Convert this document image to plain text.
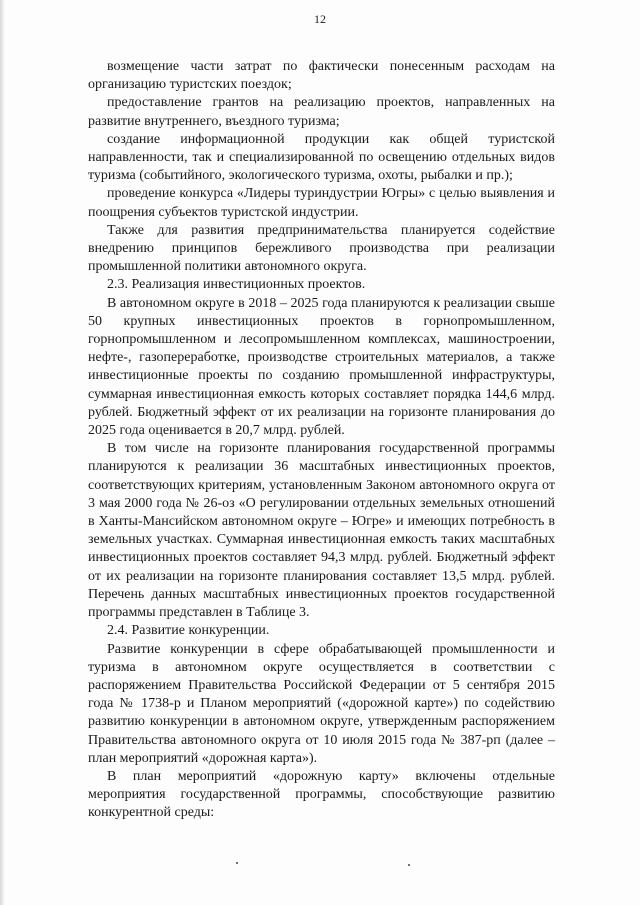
12

возмещение части затрат по фактически понесенным расходам на организацию туристских поездок;

предоставление грантов на реализацию проектов, направленных на развитие внутреннего, въездного туризма;

создание информационной продукции как общей туристской направленности, так и специализированной по освещению отдельных видов туризма (событийного, экологического туризма, охоты, рыбалки и пр.);

проведение конкурса «Лидеры туриндустрии Югры» с целью выявления и поощрения субъектов туристской индустрии.

Также для развития предпринимательства планируется содействие внедрению принципов бережливого производства при реализации промышленной политики автономного округа.

2.3. Реализация инвестиционных проектов.

В автономном округе в 2018 – 2025 года планируются к реализации свыше 50 крупных инвестиционных проектов в горнопромышленном, горнопромышленном и лесопромышленном комплексах, машиностроении, нефте-, газопереработке, производстве строительных материалов, а также инвестиционные проекты по созданию промышленной инфраструктуры, суммарная инвестиционная емкость которых составляет порядка 144,6 млрд. рублей. Бюджетный эффект от их реализации на горизонте планирования до 2025 года оценивается в 20,7 млрд. рублей.

В том числе на горизонте планирования государственной программы планируются к реализации 36 масштабных инвестиционных проектов, соответствующих критериям, установленным Законом автономного округа от 3 мая 2000 года № 26-оз «О регулировании отдельных земельных отношений в Ханты-Мансийском автономном округе – Югре» и имеющих потребность в земельных участках. Суммарная инвестиционная емкость таких масштабных инвестиционных проектов составляет 94,3 млрд. рублей. Бюджетный эффект от их реализации на горизонте планирования составляет 13,5 млрд. рублей. Перечень данных масштабных инвестиционных проектов государственной программы представлен в Таблице 3.

2.4. Развитие конкуренции.

Развитие конкуренции в сфере обрабатывающей промышленности и туризма в автономном округе осуществляется в соответствии с распоряжением Правительства Российской Федерации от 5 сентября 2015 года № 1738-р и Планом мероприятий («дорожной карте») по содействию развитию конкуренции в автономном округе, утвержденным распоряжением Правительства автономного округа от 10 июля 2015 года № 387-рп (далее – план мероприятий «дорожная карта»).

В план мероприятий «дорожную карту» включены отдельные мероприятия государственной программы, способствующие развитию конкурентной среды:
